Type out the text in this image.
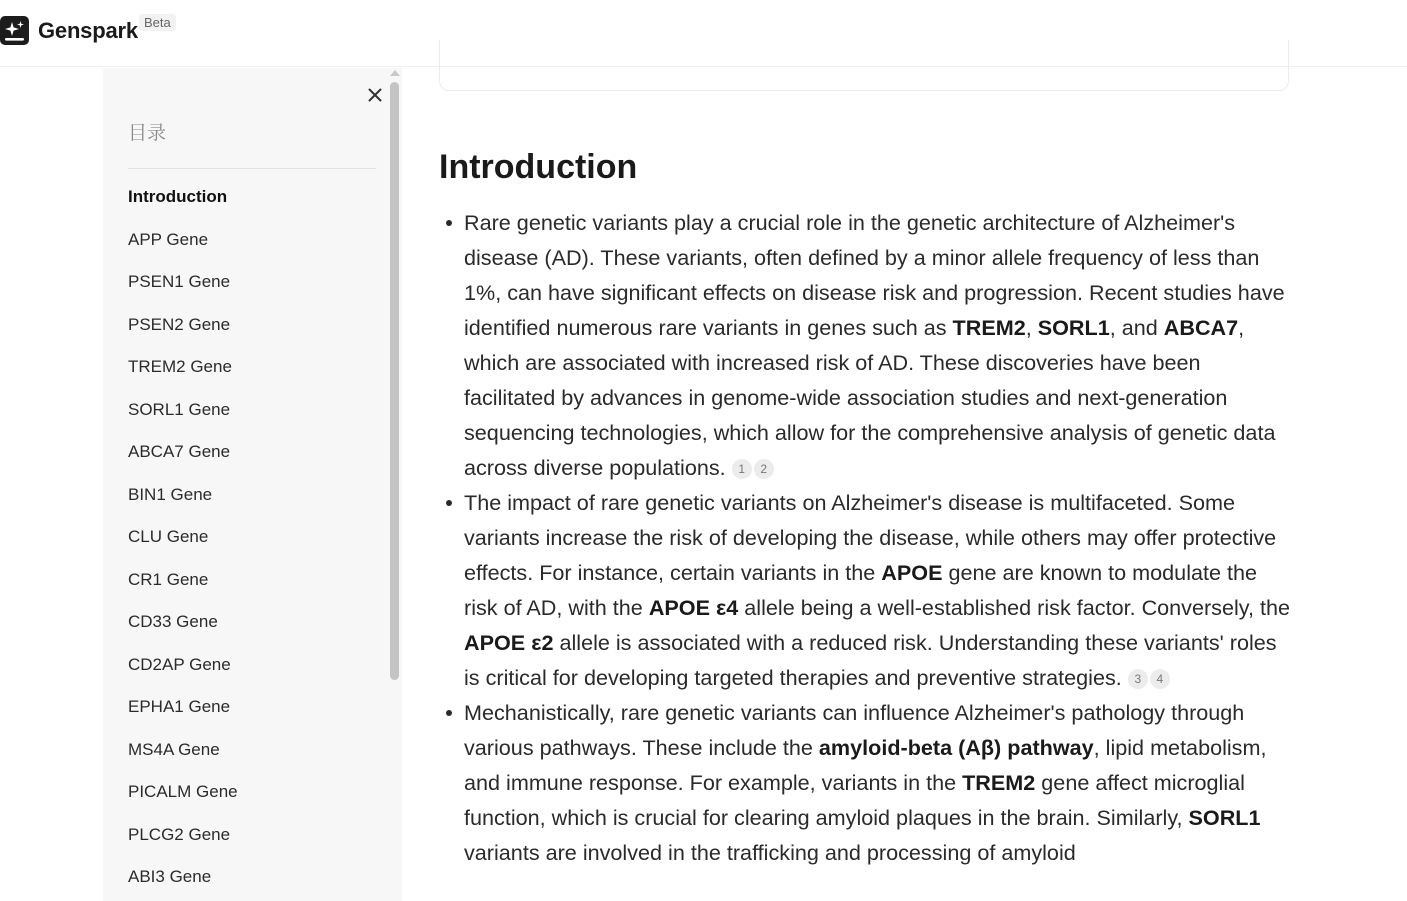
Genspark Beta
目录
Introduction
APP Gene
PSEN1 Gene
PSEN2 Gene
TREM2 Gene
SORL1 Gene
ABCA7 Gene
BIN1 Gene
CLU Gene
CR1 Gene
CD33 Gene
CD2AP Gene
EPHA1 Gene
MS4A Gene
PICALM Gene
PLCG2 Gene
ABI3 Gene
Introduction
Rare genetic variants play a crucial role in the genetic architecture of Alzheimer's disease (AD). These variants, often defined by a minor allele frequency of less than 1%, can have significant effects on disease risk and progression. Recent studies have identified numerous rare variants in genes such as TREM2, SORL1, and ABCA7, which are associated with increased risk of AD. These discoveries have been facilitated by advances in genome-wide association studies and next-generation sequencing technologies, which allow for the comprehensive analysis of genetic data across diverse populations. 1 2
The impact of rare genetic variants on Alzheimer's disease is multifaceted. Some variants increase the risk of developing the disease, while others may offer protective effects. For instance, certain variants in the APOE gene are known to modulate the risk of AD, with the APOE ε4 allele being a well-established risk factor. Conversely, the APOE ε2 allele is associated with a reduced risk. Understanding these variants' roles is critical for developing targeted therapies and preventive strategies. 3 4
Mechanistically, rare genetic variants can influence Alzheimer's pathology through various pathways. These include the amyloid-beta (Aβ) pathway, lipid metabolism, and immune response. For example, variants in the TREM2 gene affect microglial function, which is crucial for clearing amyloid plaques in the brain. Similarly, SORL1 variants are involved in the trafficking and processing of amyloid
